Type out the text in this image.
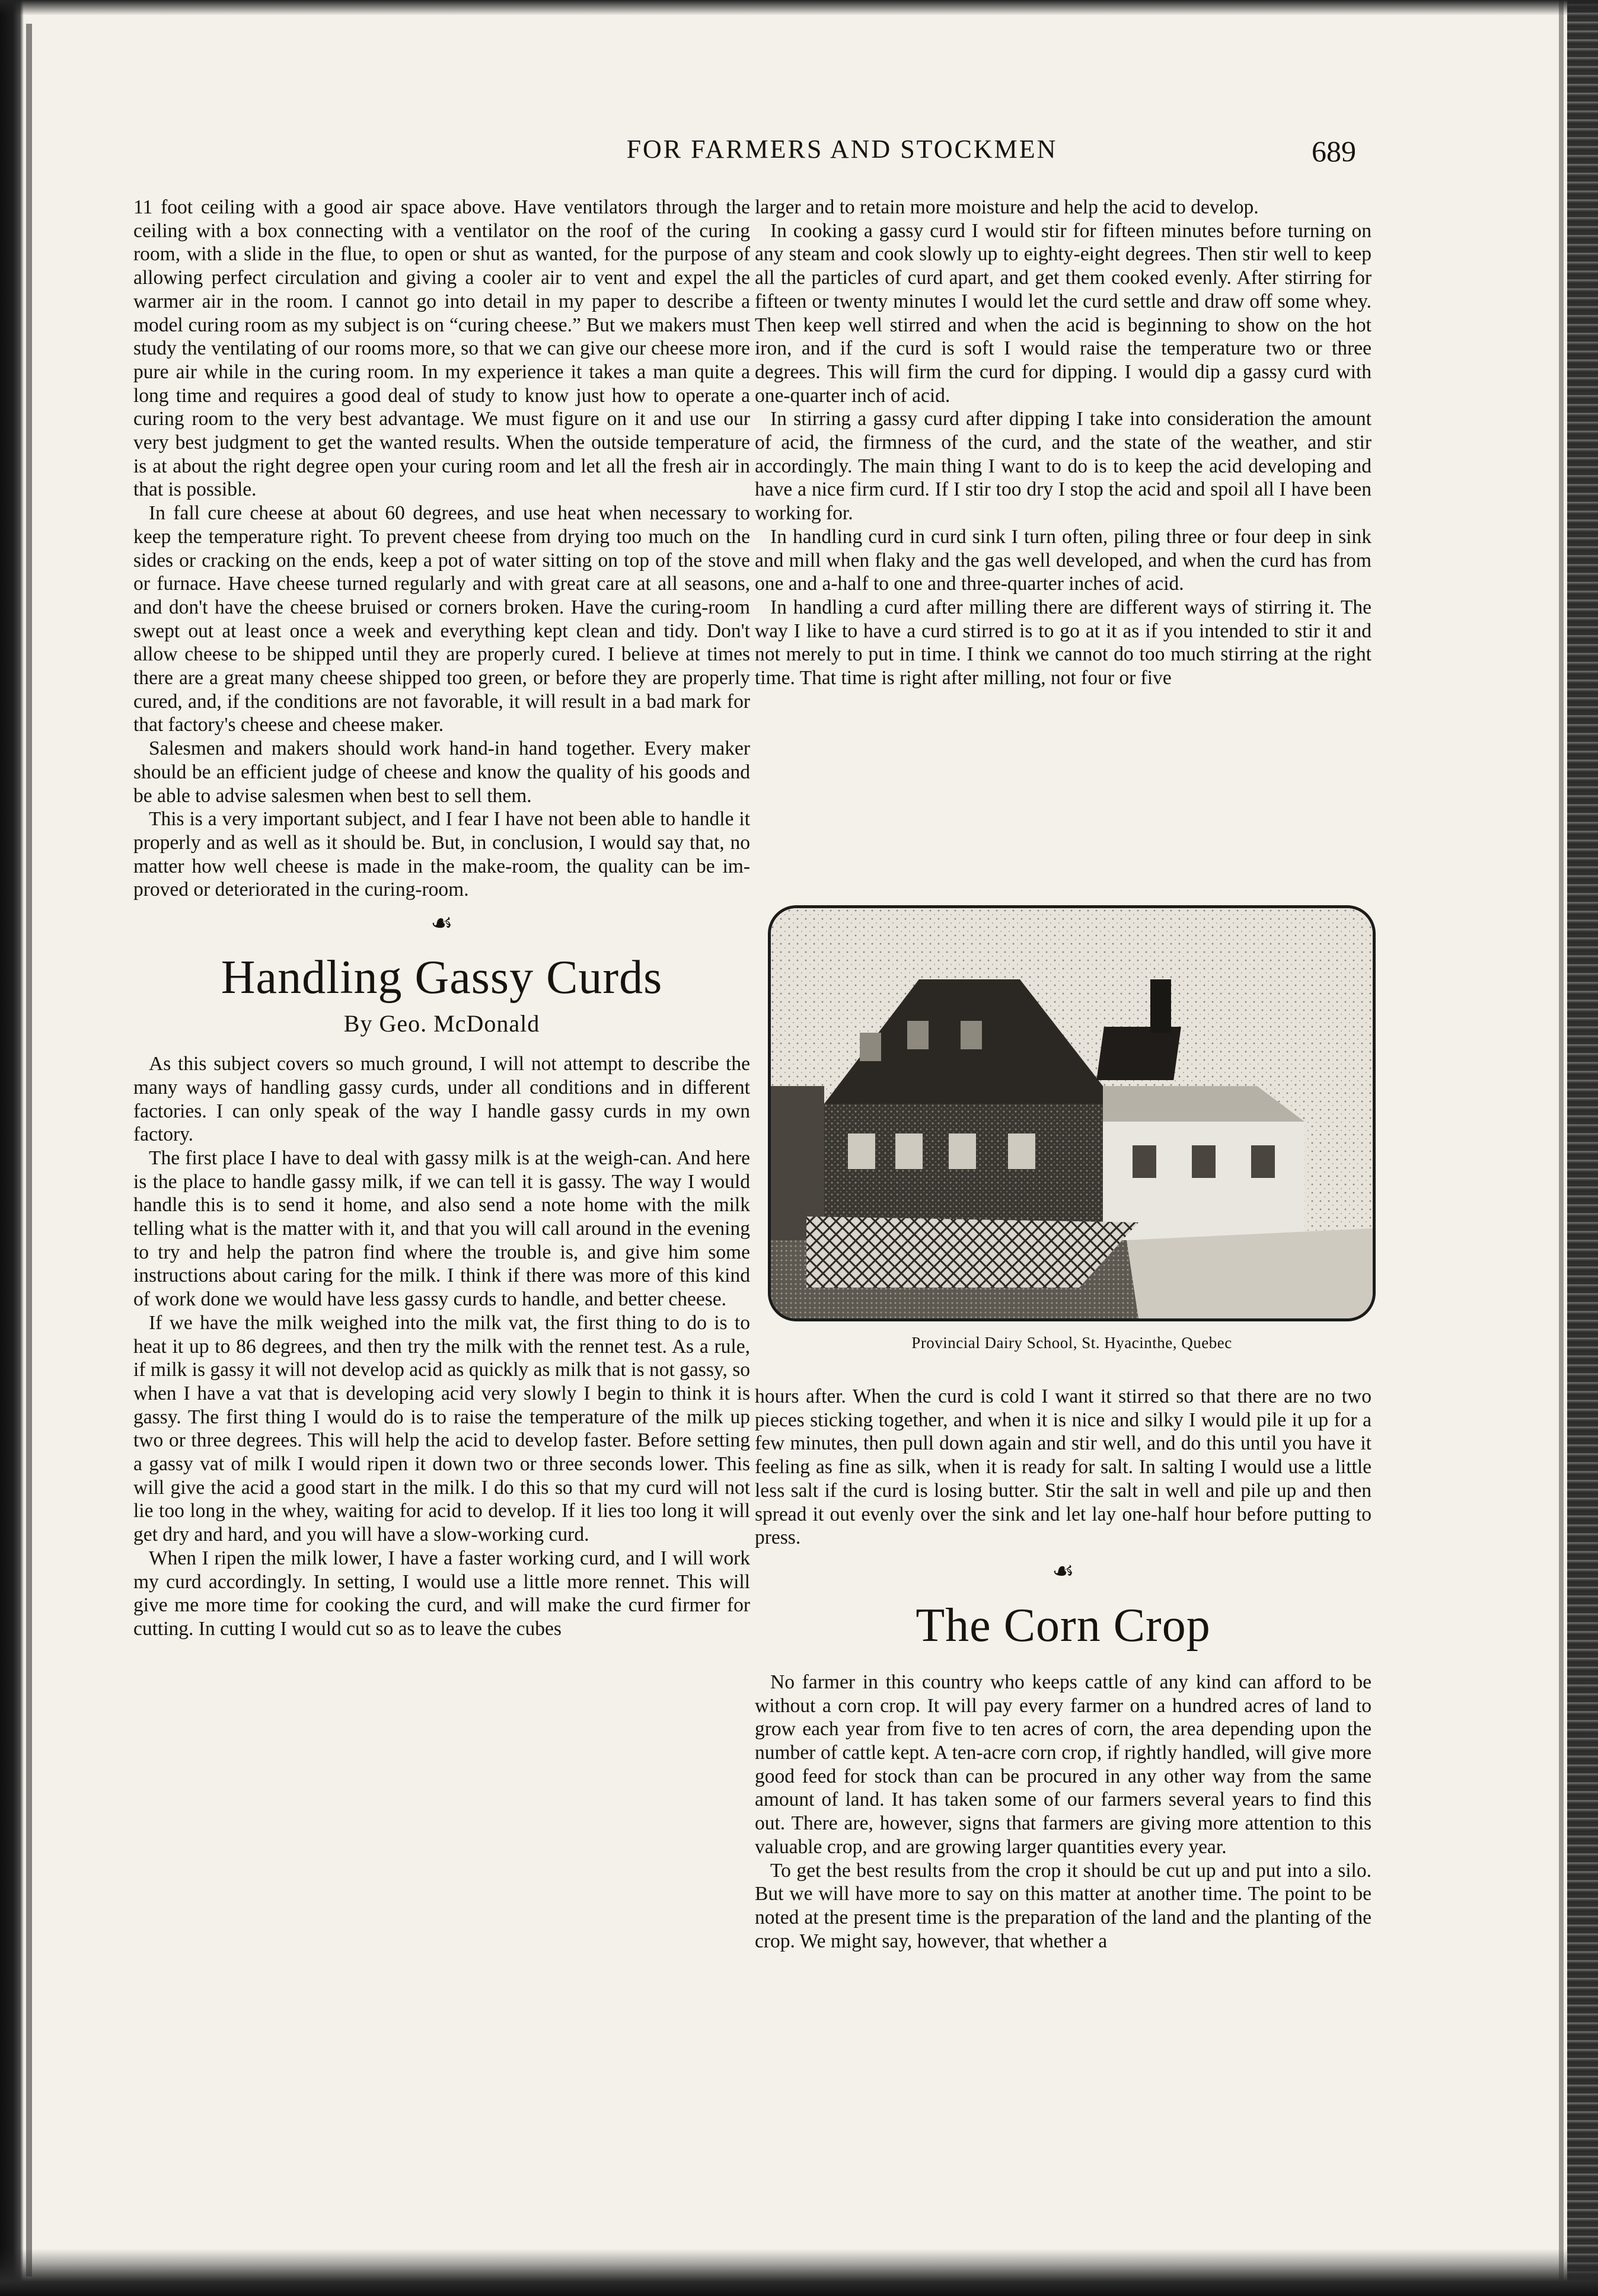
FOR FARMERS AND STOCKMEN	689

11 foot ceiling with a good air space above. Have ventilators through the ceiling with a box connecting with a ventilator on the roof of the curing room, with a slide in the flue, to open or shut as wanted, for the purpose of allowing perfect circulation and giving a cooler air to vent and expel the warmer air in the room. I cannot go into detail in my paper to describe a model curing room as my subject is on “curing cheese.” But we makers must study the ventilating of our rooms more, so that we can give our cheese more pure air while in the curing room. In my experience it takes a man quite a long time and requires a good deal of study to know just how to operate a curing room to the very best advantage. We must figure on it and use our very best judgment to get the wanted results. When the outside temperature is at about the right degree open your curing room and let all the fresh air in that is possible.

In fall cure cheese at about 60 degrees, and use heat when necessary to keep the temperature right. To prevent cheese from drying too much on the sides or cracking on the ends, keep a pot of water sitting on top of the stove or furnace. Have cheese turned regularly and with great care at all seasons, and don't have the cheese bruised or corners broken. Have the curing-room swept out at least once a week and everything kept clean and tidy. Don't allow cheese to be shipped until they are properly cured. I believe at times there are a great many cheese shipped too green, or before they are properly cured, and, if the conditions are not favorable, it will result in a bad mark for that factory's cheese and cheese maker.

Salesmen and makers should work hand-in hand together. Every maker should be an efficient judge of cheese and know the quality of his goods and be able to advise salesmen when best to sell them.

This is a very important subject, and I fear I have not been able to handle it properly and as well as it should be. But, in conclusion, I would say that, no matter how well cheese is made in the make-room, the quality can be improved or deteriorated in the curing-room.

☙
Handling Gassy Curds
By Geo. McDonald

As this subject covers so much ground, I will not attempt to describe the many ways of handling gassy curds, under all conditions and in different factories. I can only speak of the way I handle gassy curds in my own factory.

The first place I have to deal with gassy milk is at the weigh-can. And here is the place to handle gassy milk, if we can tell it is gassy. The way I would handle this is to send it home, and also send a note home with the milk telling what is the matter with it, and that you will call around in the evening to try and help the patron find where the trouble is, and give him some instructions about caring for the milk. I think if there was more of this kind of work done we would have less gassy curds to handle, and better cheese.

If we have the milk weighed into the milk vat, the first thing to do is to heat it up to 86 degrees, and then try the milk with the rennet test. As a rule, if milk is gassy it will not develop acid as quickly as milk that is not gassy, so when I have a vat that is developing acid very slowly I begin to think it is gassy. The first thing I would do is to raise the temperature of the milk up two or three degrees. This will help the acid to develop faster. Before setting a gassy vat of milk I would ripen it down two or three seconds lower. This will give the acid a good start in the milk. I do this so that my curd will not lie too long in the whey, waiting for acid to develop. If it lies too long it will get dry and hard, and you will have a slow-working curd.

When I ripen the milk lower, I have a faster working curd, and I will work my curd accordingly. In setting, I would use a little more rennet. This will give me more time for cooking the curd, and will make the curd firmer for cutting. In cutting I would cut so as to leave the cubes

larger and to retain more moisture and help the acid to develop.

In cooking a gassy curd I would stir for fifteen minutes before turning on any steam and cook slowly up to eighty-eight degrees. Then stir well to keep all the particles of curd apart, and get them cooked evenly. After stirring for fifteen or twenty minutes I would let the curd settle and draw off some whey. Then keep well stirred and when the acid is beginning to show on the hot iron, and if the curd is soft I would raise the temperature two or three degrees. This will firm the curd for dipping. I would dip a gassy curd with one-quarter inch of acid.

In stirring a gassy curd after dipping I take into consideration the amount of acid, the firmness of the curd, and the state of the weather, and stir accordingly. The main thing I want to do is to keep the acid developing and have a nice firm curd. If I stir too dry I stop the acid and spoil all I have been working for.

In handling curd in curd sink I turn often, piling three or four deep in sink and mill when flaky and the gas well developed, and when the curd has from one and a-half to one and three-quarter inches of acid.

In handling a curd after milling there are different ways of stirring it. The way I like to have a curd stirred is to go at it as if you intended to stir it and not merely to put in time. I think we cannot do too much stirring at the right time. That time is right after milling, not four or five

Provincial Dairy School, St. Hyacinthe, Quebec

hours after. When the curd is cold I want it stirred so that there are no two pieces sticking together, and when it is nice and silky I would pile it up for a few minutes, then pull down again and stir well, and do this until you have it feeling as fine as silk, when it is ready for salt. In salting I would use a little less salt if the curd is losing butter. Stir the salt in well and pile up and then spread it out evenly over the sink and let lay one-half hour before putting to press.

☙
The Corn Crop

No farmer in this country who keeps cattle of any kind can afford to be without a corn crop. It will pay every farmer on a hundred acres of land to grow each year from five to ten acres of corn, the area depending upon the number of cattle kept. A ten-acre corn crop, if rightly handled, will give more good feed for stock than can be procured in any other way from the same amount of land. It has taken some of our farmers several years to find this out. There are, however, signs that farmers are giving more attention to this valuable crop, and are growing larger quantities every year.

To get the best results from the crop it should be cut up and put into a silo. But we will have more to say on this matter at another time. The point to be noted at the present time is the preparation of the land and the planting of the crop. We might say, however, that whether a
